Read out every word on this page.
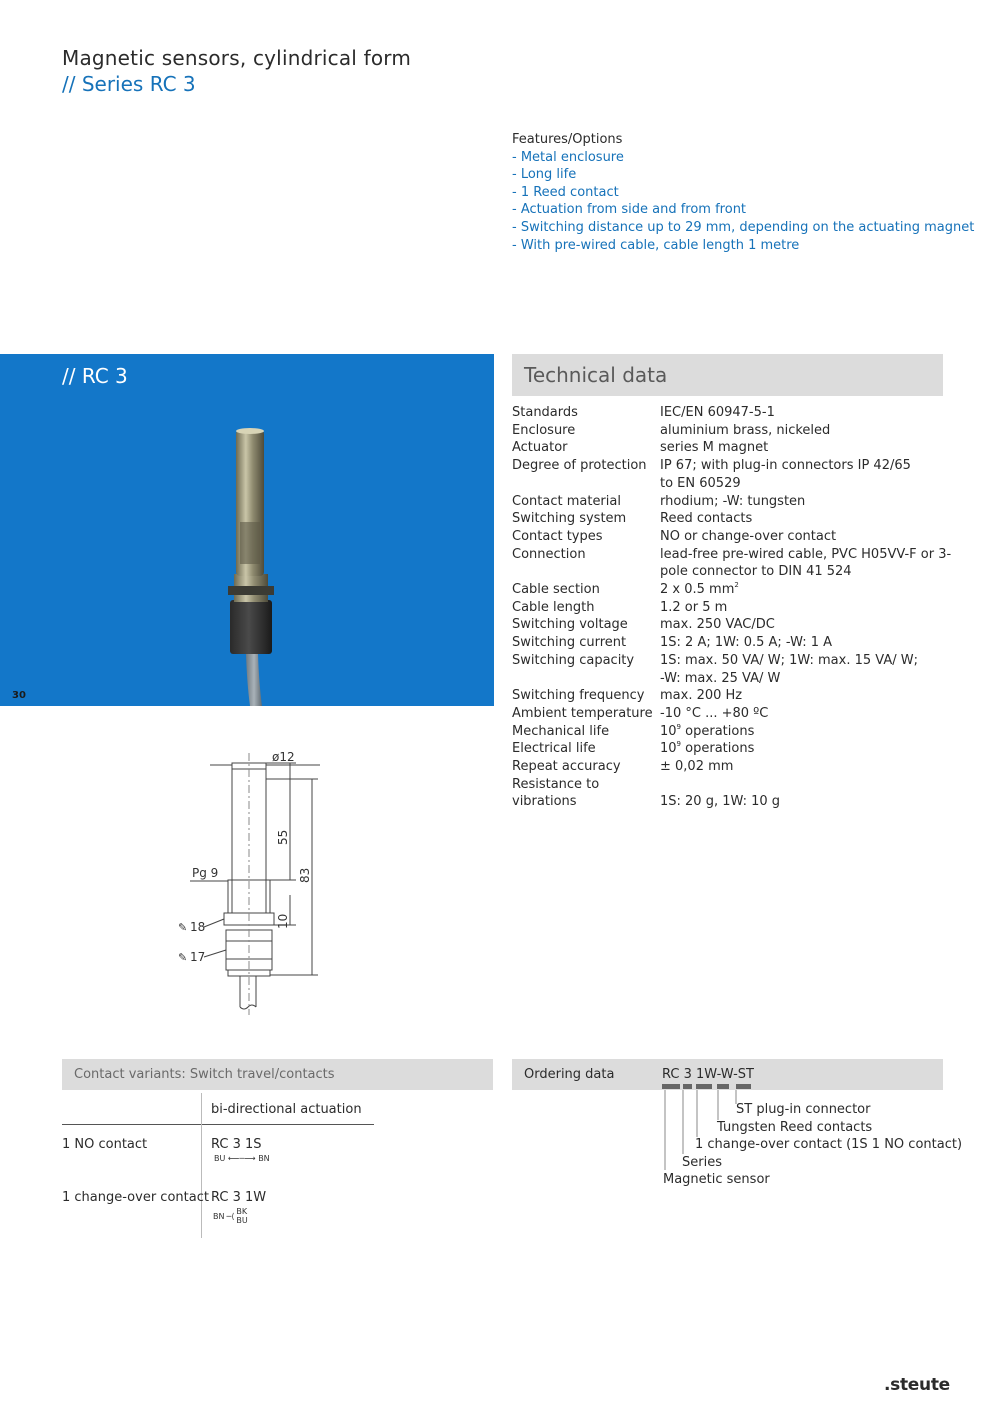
Magnetic sensors, cylindrical form
// Series RC 3
Features/Options
- Metal enclosure
- Long life
- 1 Reed contact
- Actuation from side and from front
- Switching distance up to 29 mm, depending on the actuating magnet
- With pre-wired cable, cable length 1 metre
// RC 3
30
ø12
55
83
10
Pg 9
✎ 18
✎ 17
Technical data
Standards	IEC/EN 60947-5-1
Enclosure	aluminium brass, nickeled
Actuator	series M magnet
Degree of protection	IP 67; with plug-in connectors IP 42/65
to EN 60529
Contact material	rhodium; -W: tungsten
Switching system	Reed contacts
Contact types	NO or change-over contact
Connection	lead-free pre-wired cable, PVC H05VV-F or 3-
pole connector to DIN 41 524
Cable section	2 x 0.5 $mm^2$
Cable length	1.2 or 5 m
Switching voltage	max. 250 VAC/DC
Switching current	1S: 2 A; 1W: 0.5 A; -W: 1 A
Switching capacity	1S: max. 50 VA/ W; 1W: max. 15 VA/ W;
-W: max. 25 VA/ W
Switching frequency	max. 200 Hz
Ambient temperature -10 °C ... +80 ºC
Mechanical life	$10^9$ operations
Electrical life	$10^9$ operations
Repeat accuracy	± 0,02 mm
Resistance to
vibrations	1S: 20 g, 1W: 10 g
Contact variants: Switch travel/contacts
bi-directional actuation
1 NO contact	RC 3 1S
BU ⟵─⟶ BN
1 change-over contact RC 3 1W
BN ─⟨ BK
BU
Ordering data	RC 3 1W-W-ST
ST plug-in connector
Tungsten Reed contacts
1 change-over contact (1S 1 NO contact)
Series
Magnetic sensor
.steute
